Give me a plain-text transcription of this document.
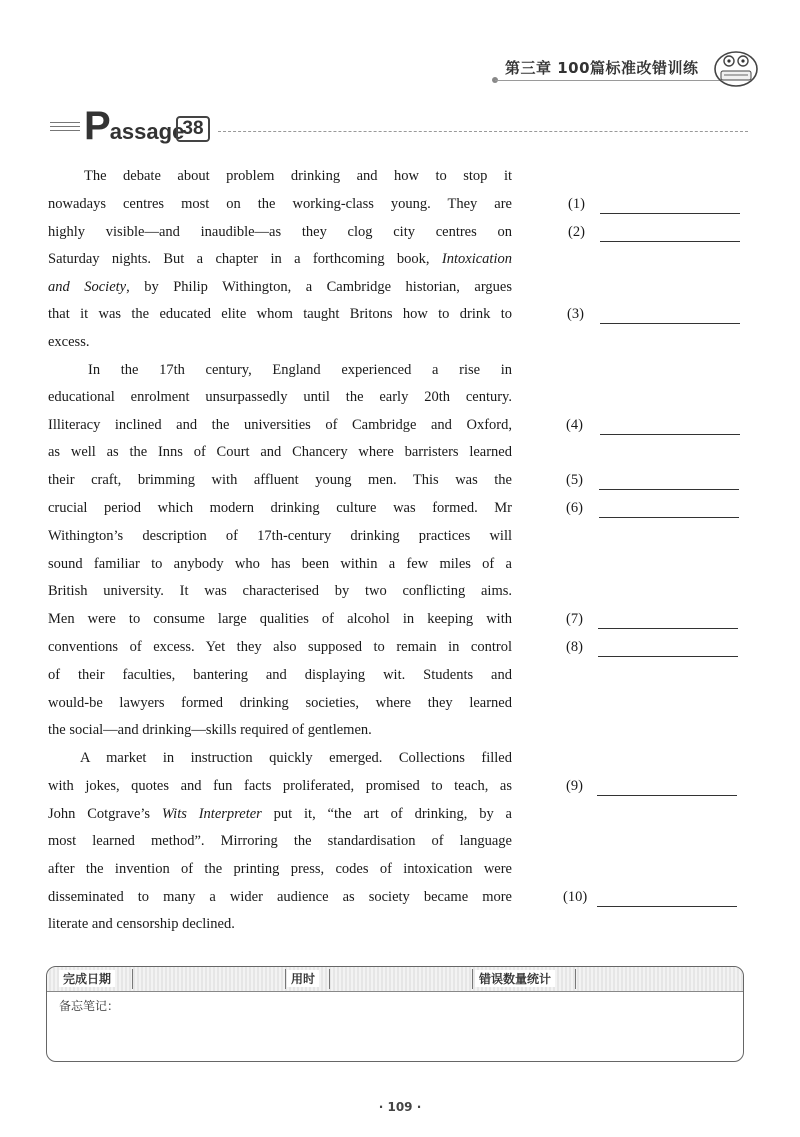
第三章 100篇标准改错训练
Passage
38
The debate about problem drinking and how to stop it
nowadays centres most on the working-class young. They are
highly visible—and inaudible—as they clog city centres on
Saturday nights. But a chapter in a forthcoming book, Intoxication
and Society, by Philip Withington, a Cambridge historian, argues
that it was the educated elite whom taught Britons how to drink to
excess.
In the 17th century, England experienced a rise in
educational enrolment unsurpassedly until the early 20th century.
Illiteracy inclined and the universities of Cambridge and Oxford,
as well as the Inns of Court and Chancery where barristers learned
their craft, brimming with affluent young men. This was the
crucial period which modern drinking culture was formed. Mr
Withington’s description of 17th-century drinking practices will
sound familiar to anybody who has been within a few miles of a
British university. It was characterised by two conflicting aims.
Men were to consume large qualities of alcohol in keeping with
conventions of excess. Yet they also supposed to remain in control
of their faculties, bantering and displaying wit. Students and
would-be lawyers formed drinking societies, where they learned
the social—and drinking—skills required of gentlemen.
A market in instruction quickly emerged. Collections filled
with jokes, quotes and fun facts proliferated, promised to teach, as
John Cotgrave’s Wits Interpreter put it, “the art of drinking, by a
most learned method”. Mirroring the standardisation of language
after the invention of the printing press, codes of intoxication were
disseminated to many a wider audience as society became more
literate and censorship declined.
(1)
(2)
(3)
(4)
(5)
(6)
(7)
(8)
(9)
(10)
完成日期	用时	错误数量统计
备忘笔记：
· 109 ·
